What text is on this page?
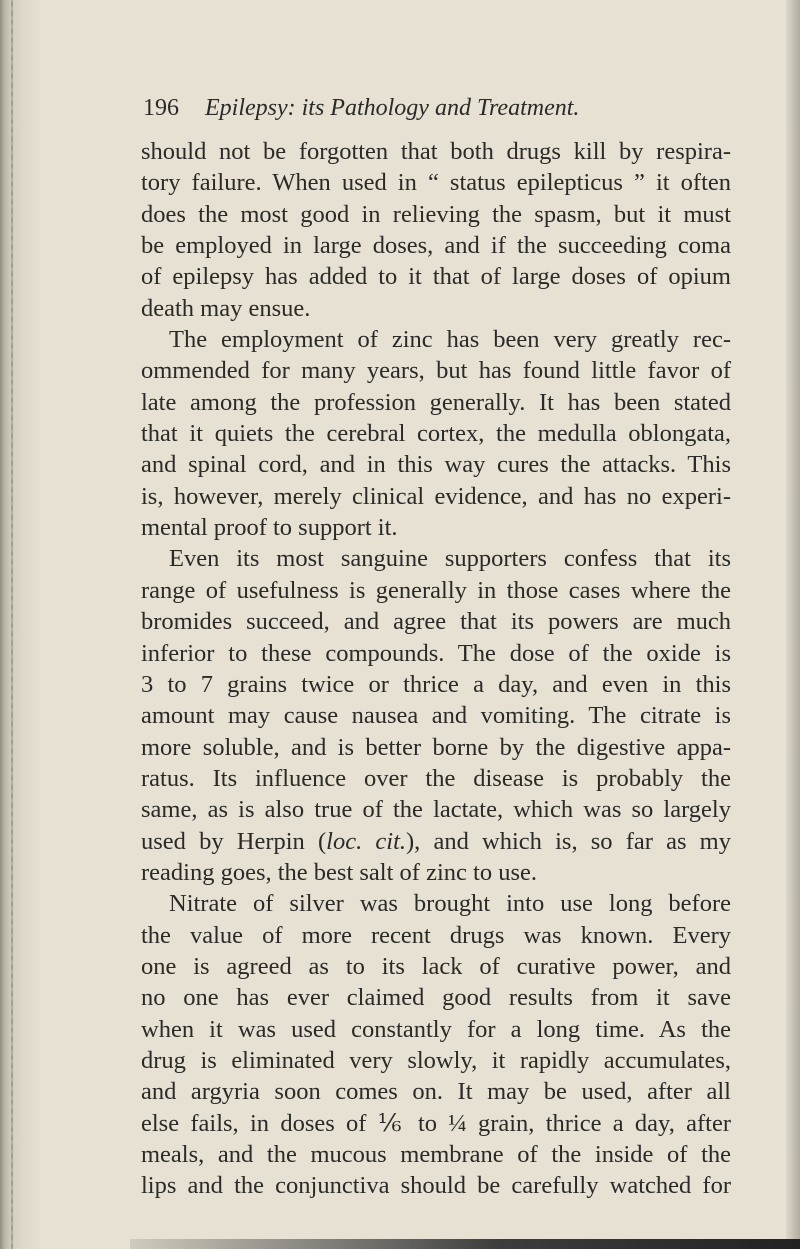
196 Epilepsy: its Pathology and Treatment.
should not be forgotten that both drugs kill by respira-
tory failure. When used in “ status epilepticus ” it often
does the most good in relieving the spasm, but it must
be employed in large doses, and if the succeeding coma
of epilepsy has added to it that of large doses of opium
death may ensue.
The employment of zinc has been very greatly rec-
ommended for many years, but has found little favor of
late among the profession generally. It has been stated
that it quiets the cerebral cortex, the medulla oblongata,
and spinal cord, and in this way cures the attacks. This
is, however, merely clinical evidence, and has no experi-
mental proof to support it.
Even its most sanguine supporters confess that its
range of usefulness is generally in those cases where the
bromides succeed, and agree that its powers are much
inferior to these compounds. The dose of the oxide is
3 to 7 grains twice or thrice a day, and even in this
amount may cause nausea and vomiting. The citrate is
more soluble, and is better borne by the digestive appa-
ratus. Its influence over the disease is probably the
same, as is also true of the lactate, which was so largely
used by Herpin (loc. cit.), and which is, so far as my
reading goes, the best salt of zinc to use.
Nitrate of silver was brought into use long before
the value of more recent drugs was known. Every
one is agreed as to its lack of curative power, and
no one has ever claimed good results from it save
when it was used constantly for a long time. As the
drug is eliminated very slowly, it rapidly accumulates,
and argyria soon comes on. It may be used, after all
else fails, in doses of ⅙ to ¼ grain, thrice a day, after
meals, and the mucous membrane of the inside of the
lips and the conjunctiva should be carefully watched for
